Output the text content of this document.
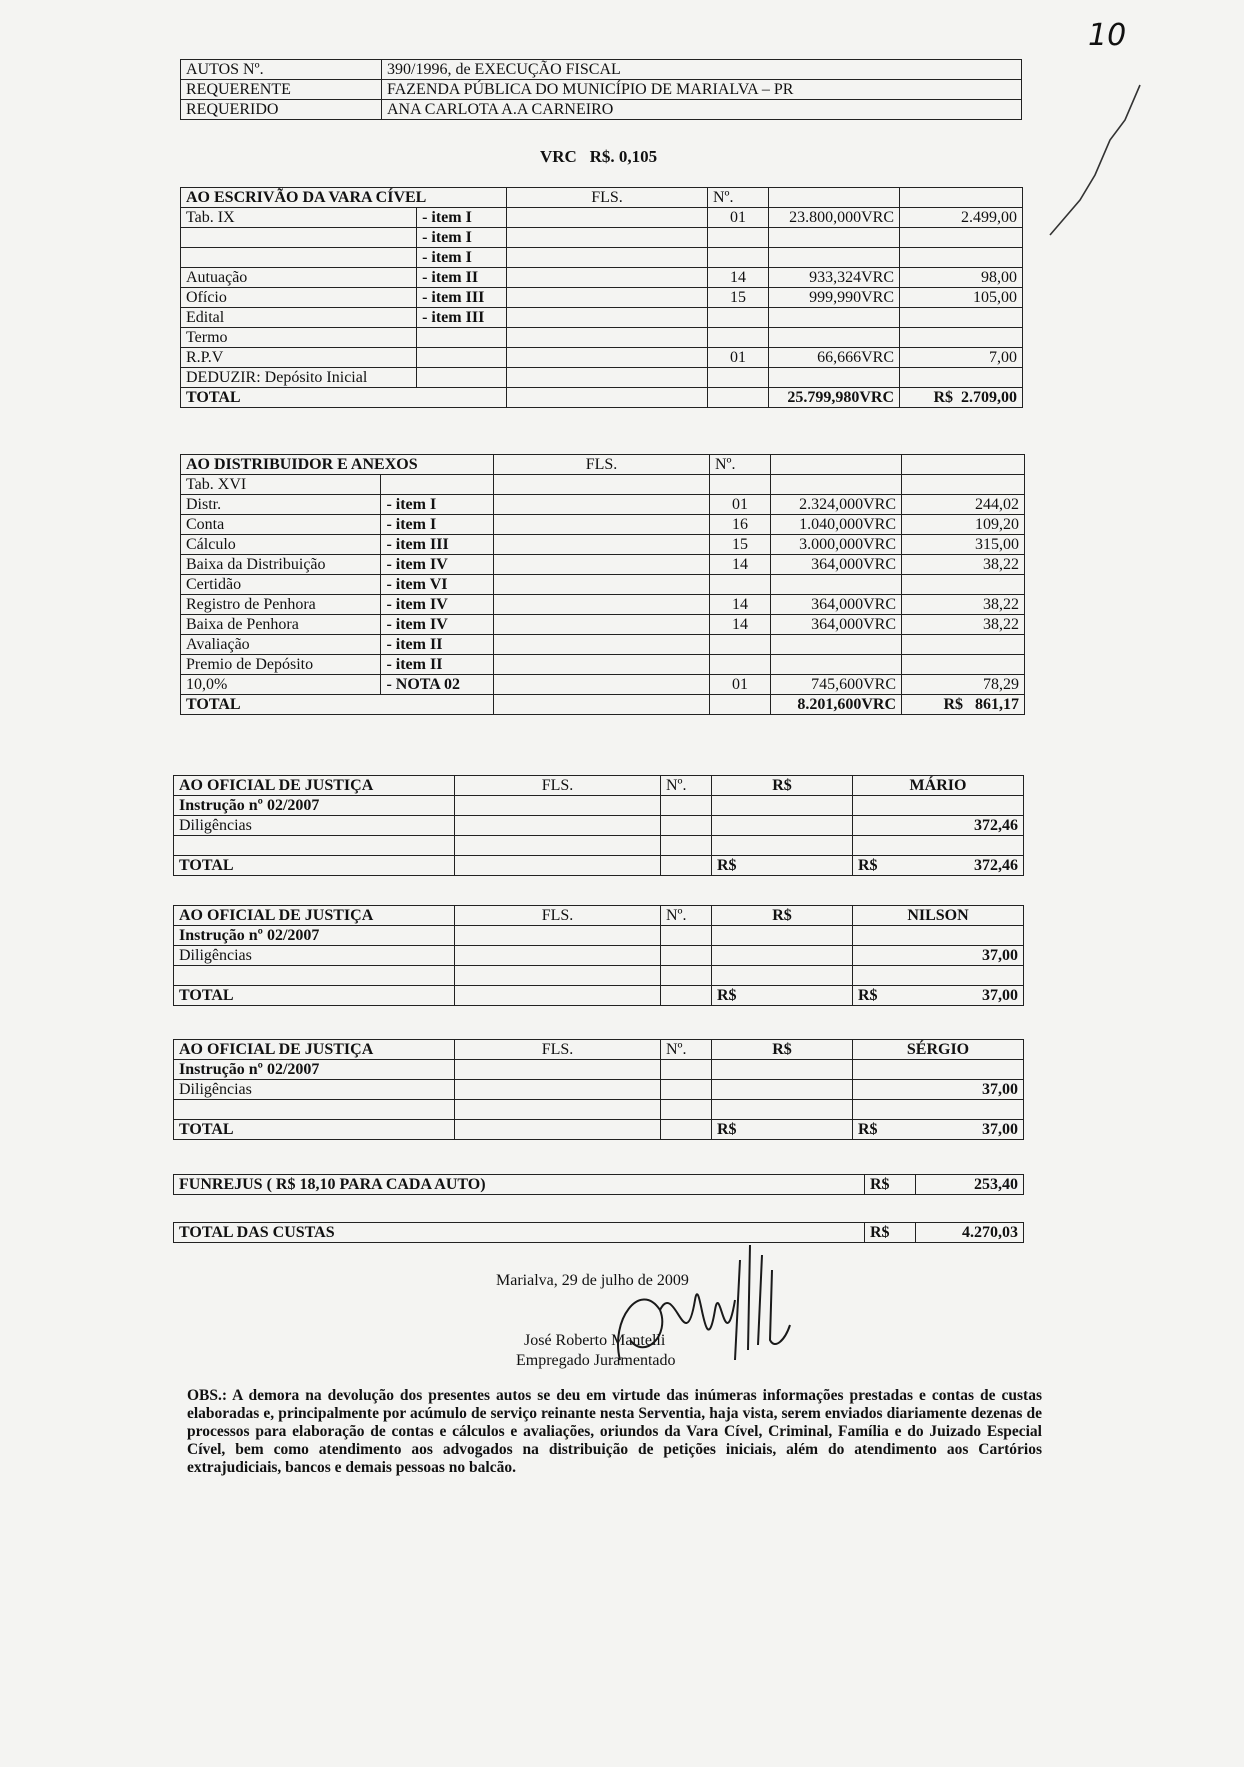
10
AUTOS Nº.	390/1996, de EXECUÇÃO FISCAL
REQUERENTE	FAZENDA PÚBLICA DO MUNICÍPIO DE MARIALVA – PR
REQUERIDO	ANA CARLOTA A.A CARNEIRO
VRC   R$. 0,105
AO ESCRIVÃO DA VARA CÍVEL		FLS.	Nº.		
Tab. IX	- item I		01	23.800,000VRC	2.499,00
	- item I				
	- item I				
Autuação	- item II		14	933,324VRC	98,00
Ofício	- item III		15	999,990VRC	105,00
Edital	- item III				
Termo					
R.P.V			01	66,666VRC	7,00
DEDUZIR: Depósito Inicial					
TOTAL				25.799,980VRC	R$  2.709,00
AO DISTRIBUIDOR E ANEXOS		FLS.	Nº.		
Tab. XVI					
Distr.	- item I		01	2.324,000VRC	244,02
Conta	- item I		16	1.040,000VRC	109,20
Cálculo	- item III		15	3.000,000VRC	315,00
Baixa da Distribuição	- item IV		14	364,000VRC	38,22
Certidão	- item VI				
Registro de Penhora	- item IV		14	364,000VRC	38,22
Baixa de Penhora	- item IV		14	364,000VRC	38,22
Avaliação	- item II				
Premio de Depósito	- item II				
10,0%	- NOTA 02		01	745,600VRC	78,29
TOTAL				8.201,600VRC	R$   861,17
AO OFICIAL DE JUSTIÇA	FLS.	Nº.	R$	MÁRIO
Instrução nº 02/2007				
Diligências				372,46

TOTAL			R$	R$ 372,46
AO OFICIAL DE JUSTIÇA	FLS.	Nº.	R$	NILSON
Instrução nº 02/2007				
Diligências				37,00

TOTAL			R$	R$ 37,00
AO OFICIAL DE JUSTIÇA	FLS.	Nº.	R$	SÉRGIO
Instrução nº 02/2007				
Diligências				37,00

TOTAL			R$	R$ 37,00
FUNREJUS ( R$ 18,10 PARA CADA AUTO)	R$	253,40
TOTAL DAS CUSTAS	R$	4.270,03
Marialva, 29 de julho de 2009
José Roberto Mantelli
Empregado Juramentado
OBS.: A demora na devolução dos presentes autos se deu em virtude das inúmeras informações prestadas e contas de custas elaboradas e, principalmente por acúmulo de serviço reinante nesta Serventia, haja vista, serem enviados diariamente dezenas de processos para elaboração de contas e cálculos e avaliações, oriundos da Vara Cível, Criminal, Família e do Juizado Especial Cível, bem como atendimento aos advogados na distribuição de petições iniciais, além do atendimento aos Cartórios extrajudiciais, bancos e demais pessoas no balcão.
